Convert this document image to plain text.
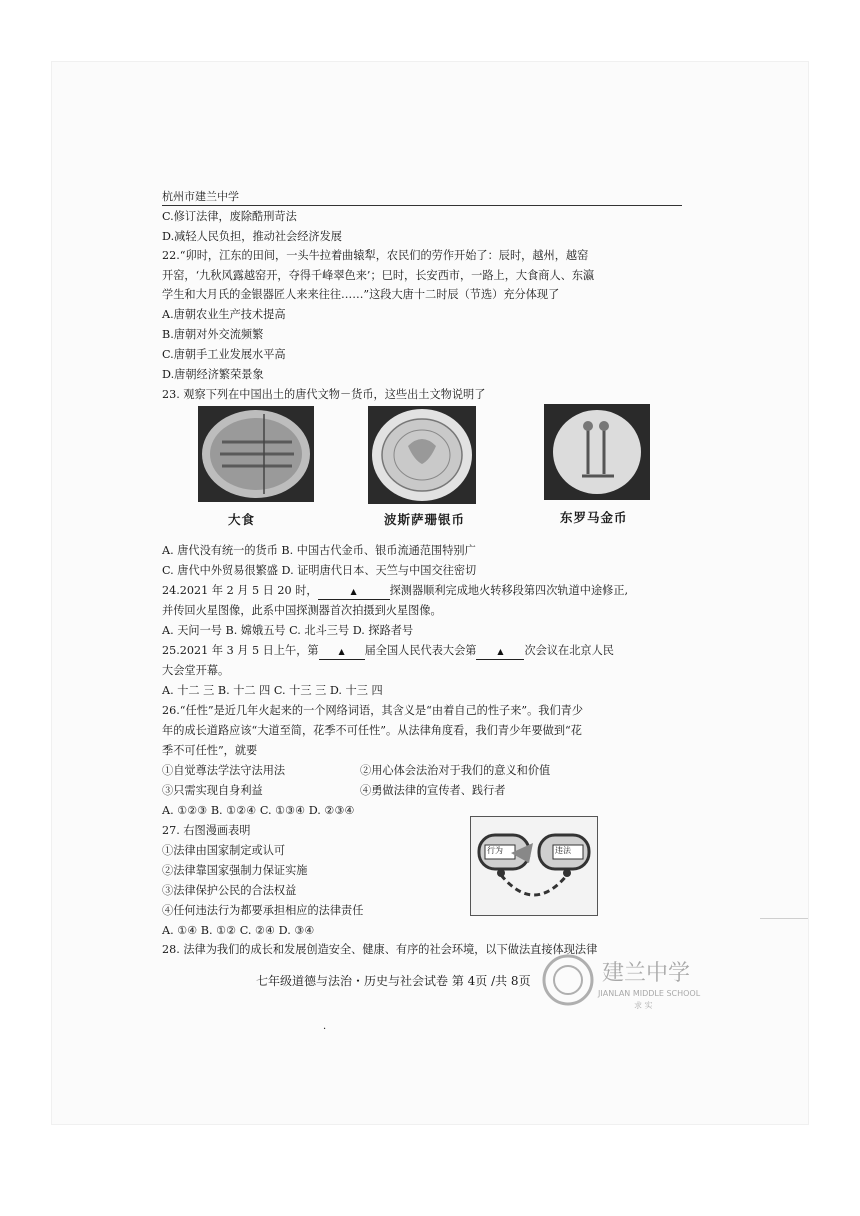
杭州市建兰中学
C.修订法律，废除酷刑苛法
D.减轻人民负担，推动社会经济发展
22.“卯时，江东的田间，一头牛拉着曲辕犁，农民们的劳作开始了：辰时，越州，越窑
开窑，‘九秋风露越窑开，夺得千峰翠色来’；巳时，长安西市，一路上，大食商人、东瀛
学生和大月氏的金银器匠人来来往往……”这段大唐十二时辰（节选）充分体现了
A.唐朝农业生产技术提高
B.唐朝对外交流频繁
C.唐朝手工业发展水平高
D.唐朝经济繁荣景象
23. 观察下列在中国出土的唐代文物－货币，这些出土文物说明了
大食	波斯萨珊银币	东罗马金币
A. 唐代没有统一的货币 B. 中国古代金币、银币流通范围特别广
C. 唐代中外贸易很繁盛 D. 证明唐代日本、天竺与中国交往密切
24.2021 年 2 月 5 日 20 时，	▲	探测器顺利完成地火转移段第四次轨道中途修正,
并传回火星图像，此系中国探测器首次拍摄到火星图像。
A. 天问一号 B. 嫦娥五号 C. 北斗三号 D. 探路者号
25.2021 年 3 月 5 日上午，第 ▲ 届全国人民代表大会第	▲ 次会议在北京人民
大会堂开幕。
A. 十二 三 B. 十二 四 C. 十三 三 D. 十三 四
26.“任性”是近几年火起来的一个网络词语，其含义是“由着自己的性子来”。我们青少
年的成长道路应该“大道至简，花季不可任性”。从法律角度看，我们青少年要做到“花
季不可任性”，就要
①自觉尊法学法守法用法	②用心体会法治对于我们的意义和价值
③只需实现自身利益	④勇做法律的宣传者、践行者
A. ①②③ B. ①②④ C. ①③④ D. ②③④
27. 右图漫画表明
①法律由国家制定或认可
②法律靠国家强制力保证实施
③法律保护公民的合法权益
④任何违法行为都要承担相应的法律责任
A. ①④ B. ①② C. ②④ D. ③④
行为	违法
28. 法律为我们的成长和发展创造安全、健康、有序的社会环境，以下做法直接体现法律
建兰中学
JIANLAN MIDDLE SCHOOL
求 实
七年级道德与法治・历史与社会试卷 第 4页 /共 8页
·
